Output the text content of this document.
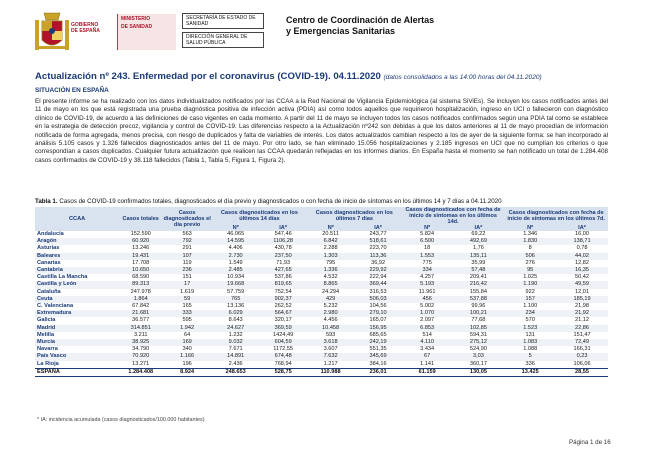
GOBIERNO
DE ESPAÑA
MINISTERIO
DE SANIDAD
SECRETARÍA DE ESTADO DE SANIDAD
DIRECCIÓN GENERAL DE SALUD PÚBLICA
Centro de Coordinación de Alertas
y Emergencias Sanitarias
Actualización nº 243. Enfermedad por el coronavirus (COVID-19). 04.11.2020 (datos consolidados a las 14:00 horas del 04.11.2020)
SITUACIÓN EN ESPAÑA
El presente informe se ha realizado con los datos individualizados notificados por las CCAA a la Red Nacional de Vigilancia Epidemiológica (al sistema SiViEs). Se incluyen los casos notificados antes del 11 de mayo en los que está registrada una prueba diagnóstica positiva de infección activa (PDIA) así como todos aquellos que requirieron hospitalización, ingreso en UCI o fallecieron con diagnóstico clínico de COVID-19, de acuerdo a las definiciones de caso vigentes en cada momento. A partir del 11 de mayo se incluyen todos los casos notificados confirmados según una PDIA tal como se establece en la estrategia de detección precoz, vigilancia y control de COVID-19. Las diferencias respecto a la Actualización nº242 son debidas a que los datos anteriores al 11 de mayo procedían de información notificada de forma agregada, menos precisa, con riesgo de duplicados y falta de variables de interés. Los datos actualizados cambian respecto a los de ayer de la siguiente forma: se han incorporado al análisis 5.105 casos y 1.326 fallecidos diagnosticados antes del 11 de mayo. Por otro lado, se han eliminado 15.056 hospitalizaciones y 2.185 ingresos en UCI que no cumplían los criterios o que correspondían a casos duplicados. Cualquier futura actualización que realicen las CCAA quedarán reflejadas en los informes diarios. En España hasta el momento se han notificado un total de 1.284.408 casos confirmados de COVID-19 y 38.118 fallecidos (Tabla 1, Tabla 5, Figura 1, Figura 2).
Tabla 1. Casos de COVID-19 confirmados totales, diagnosticados el día previo y diagnosticados o con fecha de inicio de síntomas en los últimos 14 y 7 días a 04.11.2020
CCAA	Casos totales	Casos diagnosticados el día previo	Casos diagnosticados en los últimos 14 días		Casos diagnosticados en los últimos 7 días		Casos diagnosticados con fecha de inicio de síntomas en los últimos 14d.		Casos diagnosticados con fecha de inicio de síntomas en los últimos 7d.	
			Nº	IA*	Nº	IA*	Nº	IA*	Nº	IA*
Andalucía	152.590	563	46.065	547,46	20.511	243,77	5.824	69,22	1.346	16,00
Aragón	60.920	792	14.595	1106,28	6.842	518,61	6.500	492,69	1.830	138,71
Asturias	13.246	291	4.406	430,78	2.288	223,70	18	1,76	8	0,78
Baleares	19.431	107	2.730	237,50	1.303	113,36	1.553	135,11	506	44,02
Canarias	17.708	119	1.549	71,93	795	36,92	775	35,99	276	12,82
Cantabria	10.650	236	2.485	427,65	1.336	229,92	334	57,48	95	16,35
Castilla La Mancha	68.590	151	10.934	537,86	4.532	222,94	4.257	209,41	1.025	50,42
Castilla y León	89.313	17	19.668	819,65	8.865	369,44	5.193	216,42	1.190	49,59
Cataluña	247.978	1.619	57.759	752,54	24.294	316,53	11.961	155,84	922	12,01
Ceuta	1.864	59	765	902,37	429	506,03	456	537,88	157	185,19
C. Valenciana	67.842	165	13.136	262,52	5.232	104,56	5.002	99,96	1.100	21,98
Extremadura	21.681	333	6.029	564,67	2.980	279,10	1.070	100,21	234	21,92
Galicia	36.577	595	8.643	320,17	4.456	165,07	2.097	77,68	570	21,12
Madrid	314.851	1.942	24.627	369,59	10.458	156,95	6.853	102,85	1.523	22,86
Melilla	3.211	64	1.232	1424,49	593	685,65	514	594,31	131	151,47
Murcia	38.925	169	9.032	604,59	3.618	242,19	4.110	275,12	1.083	72,49
Navarra	34.790	340	7.671	1172,55	3.607	551,35	3.434	524,90	1.088	166,31
País Vasco	70.920	1.166	14.891	674,48	7.632	345,69	67	3,03	5	0,23
La Rioja	13.271	196	2.436	768,94	1.217	384,16	1.141	360,17	336	106,06
ESPAÑA	1.284.408	8.924	248.653	528,75	110.988	236,01	61.159	130,05	13.425	28,55
* IA: incidencia acumulada (casos diagnosticados/100.000 habitantes)
Página 1 de 16
